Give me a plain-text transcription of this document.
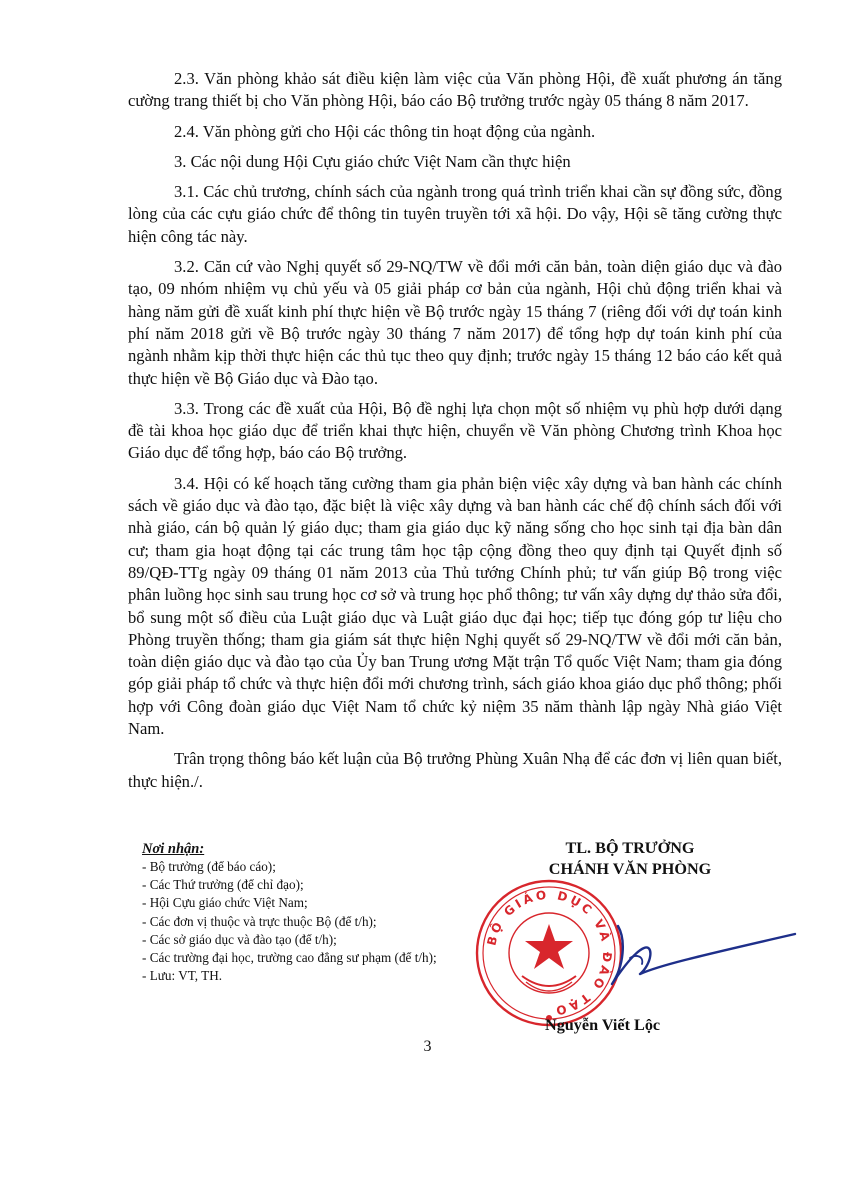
2.3. Văn phòng khảo sát điều kiện làm việc của Văn phòng Hội, đề xuất phương án tăng cường trang thiết bị cho Văn phòng Hội, báo cáo Bộ trưởng trước ngày 05 tháng 8 năm 2017.

2.4. Văn phòng gửi cho Hội các thông tin hoạt động của ngành.

3. Các nội dung Hội Cựu giáo chức Việt Nam cần thực hiện

3.1. Các chủ trương, chính sách của ngành trong quá trình triển khai cần sự đồng sức, đồng lòng của các cựu giáo chức để thông tin tuyên truyền tới xã hội. Do vậy, Hội sẽ tăng cường thực hiện công tác này.

3.2. Căn cứ vào Nghị quyết số 29-NQ/TW về đổi mới căn bản, toàn diện giáo dục và đào tạo, 09 nhóm nhiệm vụ chủ yếu và 05 giải pháp cơ bản của ngành, Hội chủ động triển khai và hàng năm gửi đề xuất kinh phí thực hiện về Bộ trước ngày 15 tháng 7 (riêng đối với dự toán kinh phí năm 2018 gửi về Bộ trước ngày 30 tháng 7 năm 2017) để tổng hợp dự toán kinh phí của ngành nhằm kịp thời thực hiện các thủ tục theo quy định; trước ngày 15 tháng 12 báo cáo kết quả thực hiện về Bộ Giáo dục và Đào tạo.

3.3. Trong các đề xuất của Hội, Bộ đề nghị lựa chọn một số nhiệm vụ phù hợp dưới dạng đề tài khoa học giáo dục để triển khai thực hiện, chuyển về Văn phòng Chương trình Khoa học Giáo dục để tổng hợp, báo cáo Bộ trưởng.

3.4. Hội có kế hoạch tăng cường tham gia phản biện việc xây dựng và ban hành các chính sách về giáo dục và đào tạo, đặc biệt là việc xây dựng và ban hành các chế độ chính sách đối với nhà giáo, cán bộ quản lý giáo dục; tham gia giáo dục kỹ năng sống cho học sinh tại địa bàn dân cư; tham gia hoạt động tại các trung tâm học tập cộng đồng theo quy định tại Quyết định số 89/QĐ-TTg ngày 09 tháng 01 năm 2013 của Thủ tướng Chính phủ; tư vấn giúp Bộ trong việc phân luồng học sinh sau trung học cơ sở và trung học phổ thông; tư vấn xây dựng dự thảo sửa đổi, bổ sung một số điều của Luật giáo dục và Luật giáo dục đại học; tiếp tục đóng góp tư liệu cho Phòng truyền thống; tham gia giám sát thực hiện Nghị quyết số 29-NQ/TW về đổi mới căn bản, toàn diện giáo dục và đào tạo của Ủy ban Trung ương Mặt trận Tổ quốc Việt Nam; tham gia đóng góp giải pháp tổ chức và thực hiện đổi mới chương trình, sách giáo khoa giáo dục phổ thông; phối hợp với Công đoàn giáo dục Việt Nam tổ chức kỷ niệm 35 năm thành lập ngày Nhà giáo Việt Nam.

Trân trọng thông báo kết luận của Bộ trưởng Phùng Xuân Nhạ để các đơn vị liên quan biết, thực hiện./.

Nơi nhận:
- Bộ trưởng (để báo cáo);
- Các Thứ trưởng (để chỉ đạo);
- Hội Cựu giáo chức Việt Nam;
- Các đơn vị thuộc và trực thuộc Bộ (để t/h);
- Các sở giáo dục và đào tạo (để t/h);
- Các trường đại học, trường cao đẳng sư phạm (để t/h);
- Lưu: VT, TH.
TL. BỘ TRƯỞNG
CHÁNH VĂN PHÒNG
BỘ GIÁO DỤC VÀ ĐÀO TẠO
Nguyễn Viết Lộc
3
